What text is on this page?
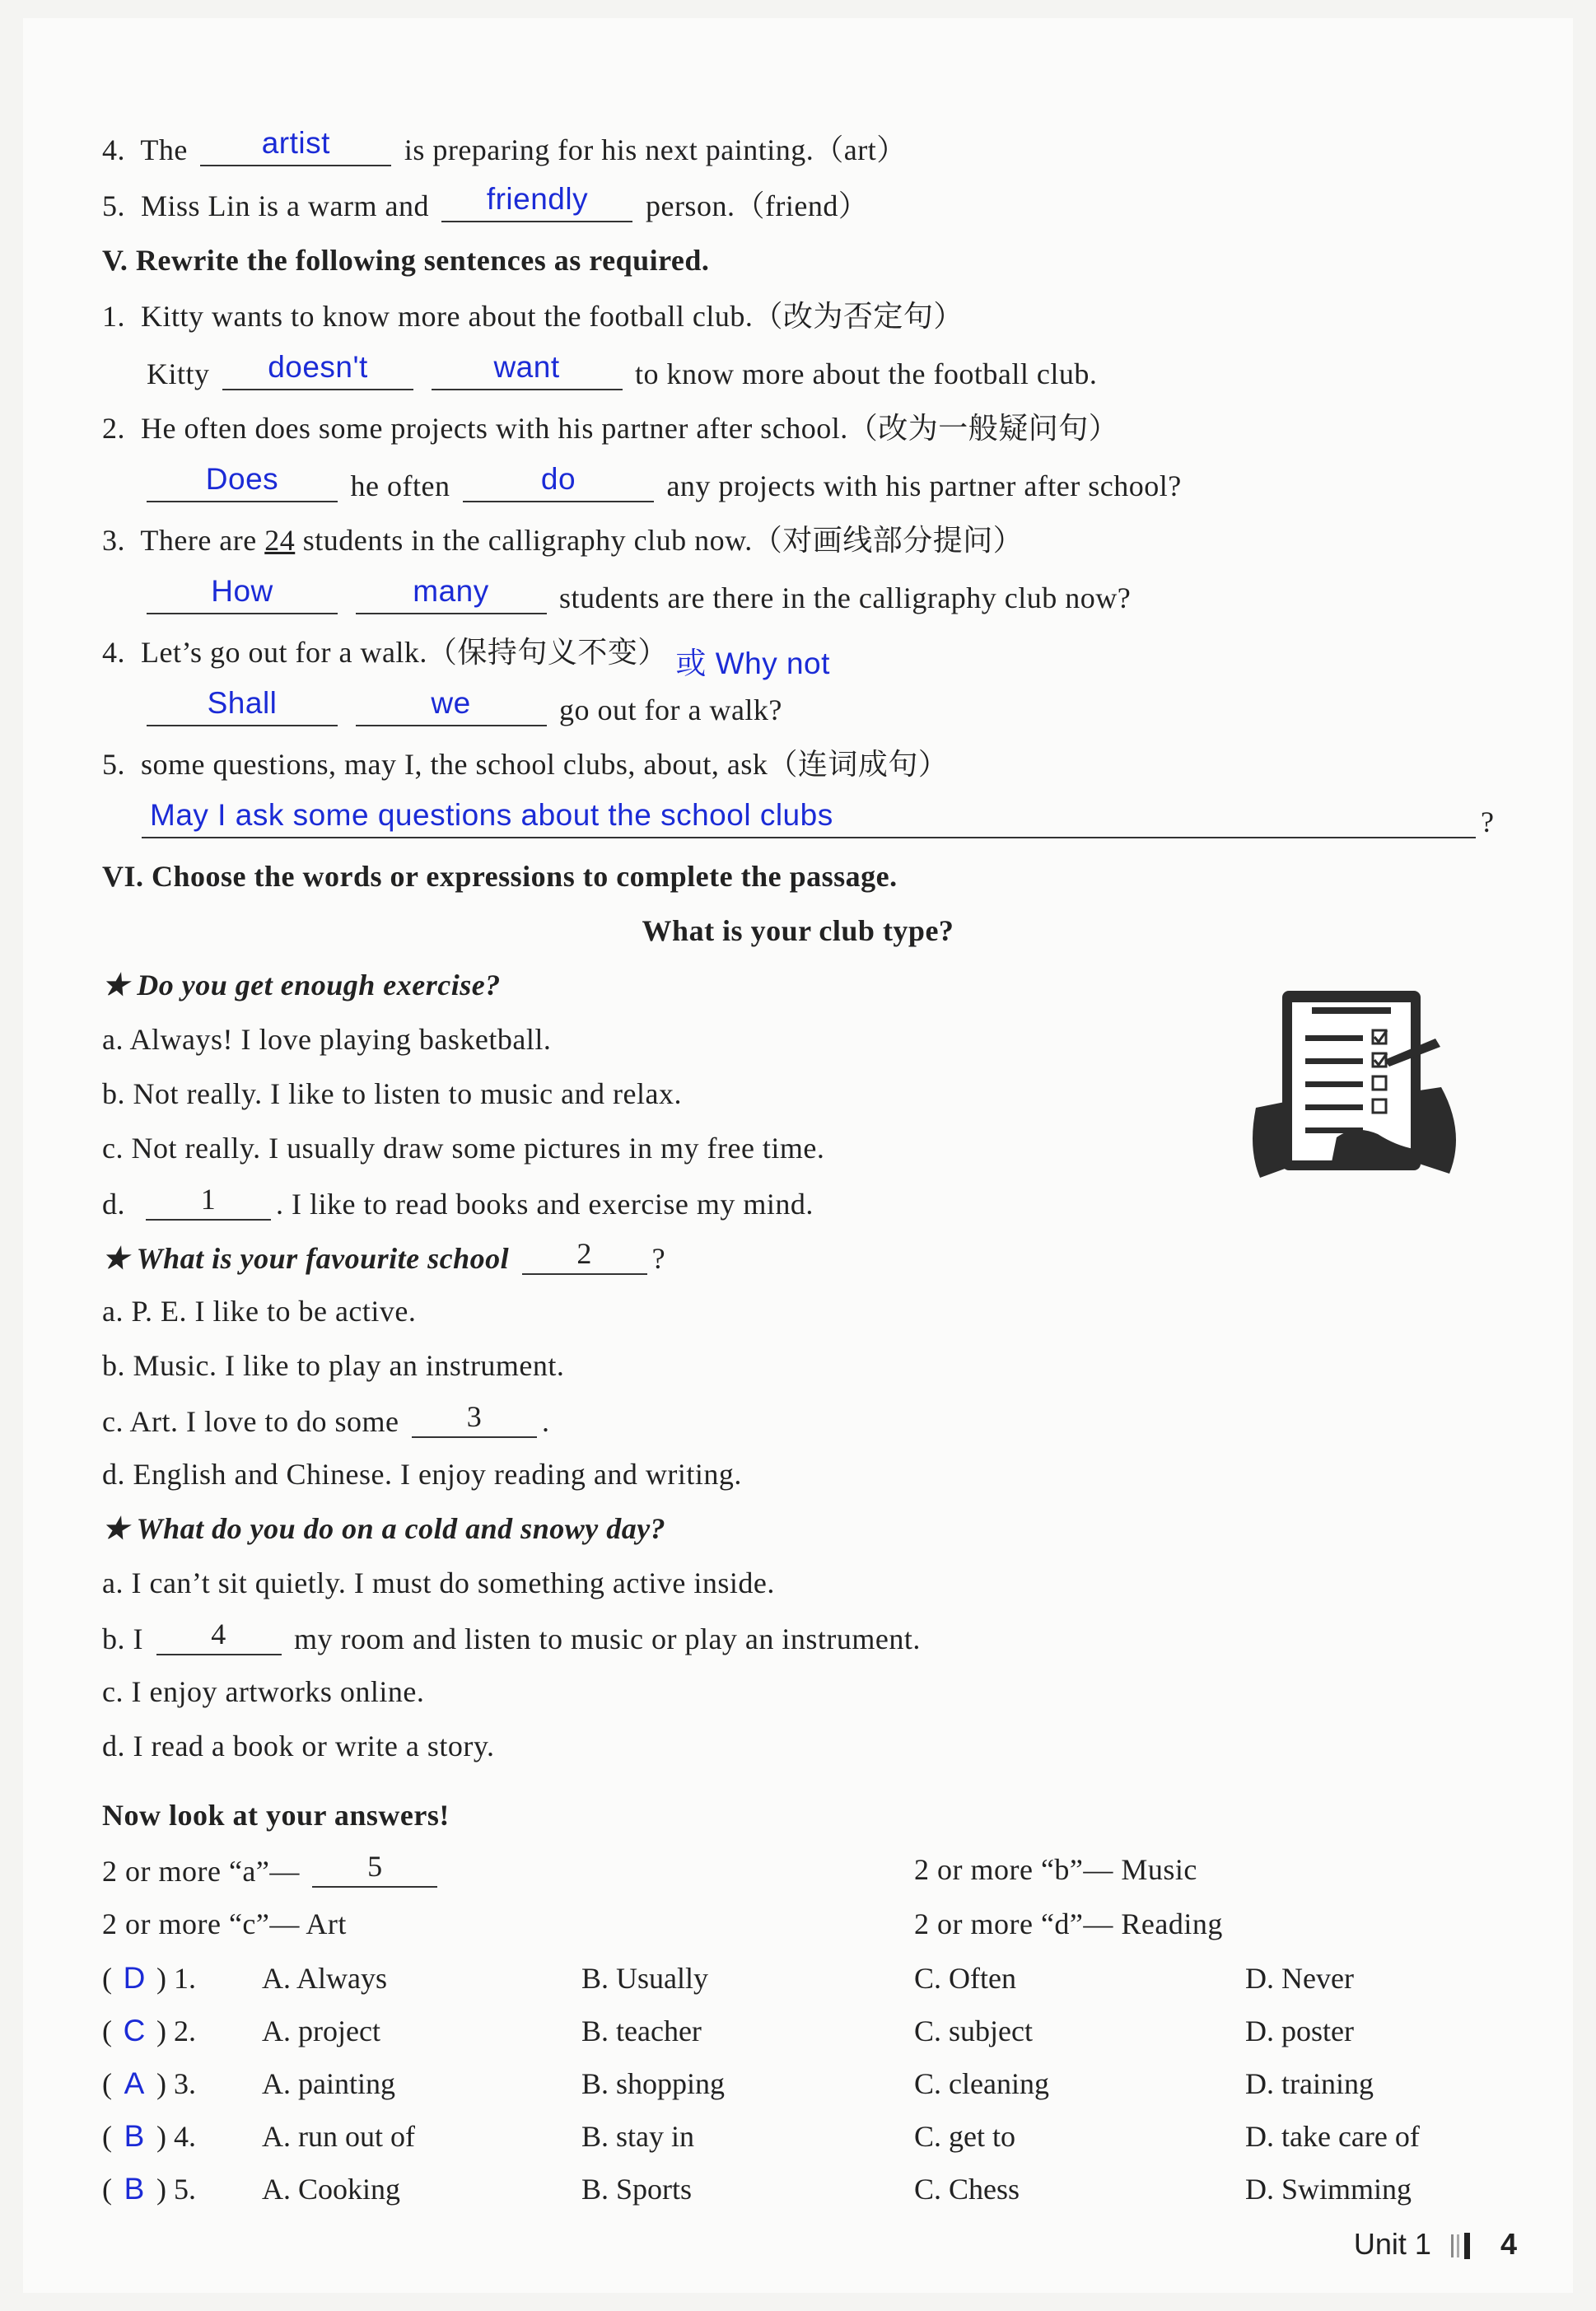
4. The	artist	is preparing for his next painting.（art）
5. Miss Lin is a warm and	friendly	person.（friend）
V. Rewrite the following sentences as required.
1. Kitty wants to know more about the football club.（改为否定句）
Kitty	doesn't
	want	to know more about the football club.
2. He often does some projects with his partner after school.（改为一般疑问句）
Does	he often	do	any projects with his partner after school?
3. There are 24 students in the calligraphy club now.（对画线部分提问）
How
	many	students are there in the calligraphy club now?
4. Let’s go out for a walk.（保持句义不变） 或 Why not
Shall
	we	go out for a walk?
5. some questions, may I, the school clubs, about, ask（连词成句）
May I ask some questions about the school clubs	?
VI. Choose the words or expressions to complete the passage.
What is your club type?
★ Do you get enough exercise?
a. Always! I love playing basketball.
b. Not really. I like to listen to music and relax.
c. Not really. I usually draw some pictures in my free time.
d.	1	. I like to read books and exercise my mind.
★ What is your favourite school	2	?
a. P. E. I like to be active.
b. Music. I like to play an instrument.
c. Art. I love to do some	3	.
d. English and Chinese. I enjoy reading and writing.
★ What do you do on a cold and snowy day?
a. I can’t sit quietly. I must do something active inside.
b. I	4	my room and listen to music or play an instrument.
c. I enjoy artworks online.
d. I read a book or write a story.
Now look at your answers!
2 or more “a”—	5	2 or more “b”— Music
2 or more “c”— Art	2 or more “d”— Reading
( D ) 1. A. Always	B. Usually	C. Often	D. Never
( C ) 2. A. project	B. teacher	C. subject	D. poster
( A ) 3. A. painting	B. shopping	C. cleaning	D. training
( B ) 4. A. run out of	B. stay in	C. get to	D. take care of
( B ) 5. A. Cooking	B. Sports	C. Chess	D. Swimming
Unit 1 4
